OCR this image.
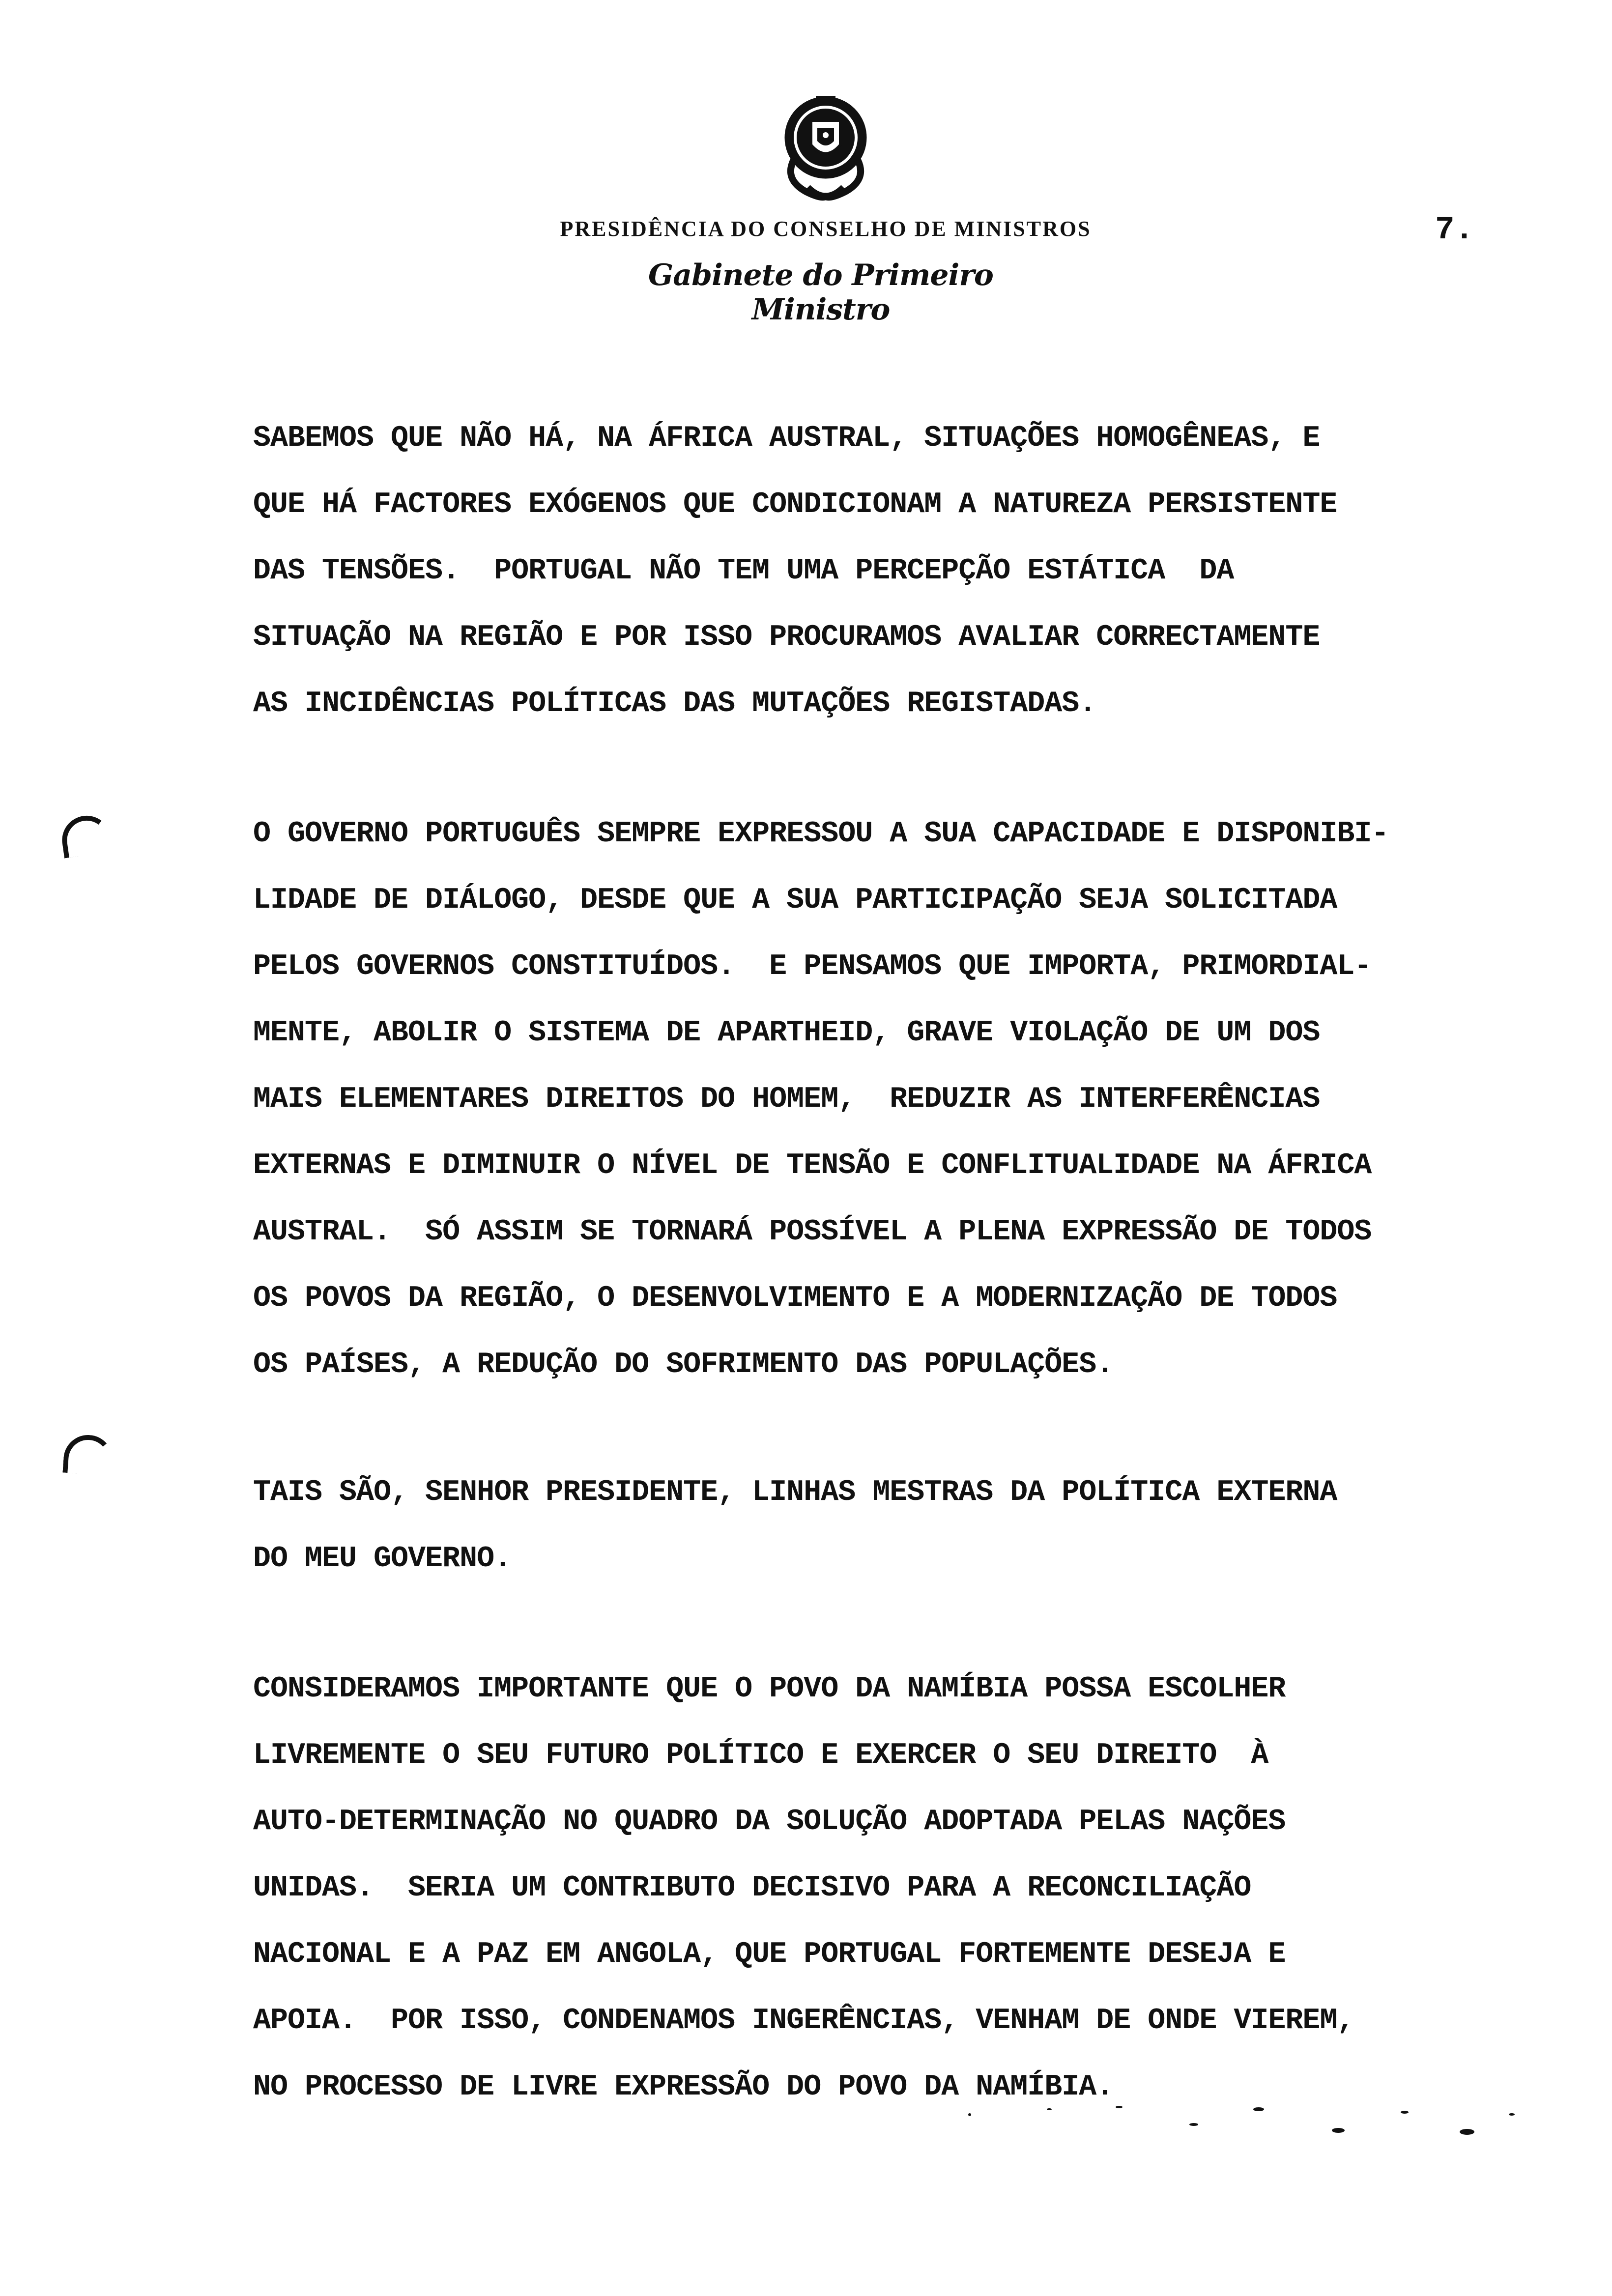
PRESIDÊNCIA DO CONSELHO DE MINISTROS	7.
Gabinete do Primeiro Ministro
SABEMOS QUE NÃO HÁ, NA ÁFRICA AUSTRAL, SITUAÇÕES HOMOGÊNEAS, E
QUE HÁ FACTORES EXÓGENOS QUE CONDICIONAM A NATUREZA PERSISTENTE
DAS TENSÕES.  PORTUGAL NÃO TEM UMA PERCEPÇÃO ESTÁTICA  DA
SITUAÇÃO NA REGIÃO E POR ISSO PROCURAMOS AVALIAR CORRECTAMENTE
AS INCIDÊNCIAS POLÍTICAS DAS MUTAÇÕES REGISTADAS.
O GOVERNO PORTUGUÊS SEMPRE EXPRESSOU A SUA CAPACIDADE E DISPONIBI-
LIDADE DE DIÁLOGO, DESDE QUE A SUA PARTICIPAÇÃO SEJA SOLICITADA
PELOS GOVERNOS CONSTITUÍDOS.  E PENSAMOS QUE IMPORTA, PRIMORDIAL-
MENTE, ABOLIR O SISTEMA DE APARTHEID, GRAVE VIOLAÇÃO DE UM DOS
MAIS ELEMENTARES DIREITOS DO HOMEM,  REDUZIR AS INTERFERÊNCIAS
EXTERNAS E DIMINUIR O NÍVEL DE TENSÃO E CONFLITUALIDADE NA ÁFRICA
AUSTRAL.  SÓ ASSIM SE TORNARÁ POSSÍVEL A PLENA EXPRESSÃO DE TODOS
OS POVOS DA REGIÃO, O DESENVOLVIMENTO E A MODERNIZAÇÃO DE TODOS
OS PAÍSES, A REDUÇÃO DO SOFRIMENTO DAS POPULAÇÕES.
TAIS SÃO, SENHOR PRESIDENTE, LINHAS MESTRAS DA POLÍTICA EXTERNA
DO MEU GOVERNO.
CONSIDERAMOS IMPORTANTE QUE O POVO DA NAMÍBIA POSSA ESCOLHER
LIVREMENTE O SEU FUTURO POLÍTICO E EXERCER O SEU DIREITO  À
AUTO-DETERMINAÇÃO NO QUADRO DA SOLUÇÃO ADOPTADA PELAS NAÇÕES
UNIDAS.  SERIA UM CONTRIBUTO DECISIVO PARA A RECONCILIAÇÃO
NACIONAL E A PAZ EM ANGOLA, QUE PORTUGAL FORTEMENTE DESEJA E
APOIA.  POR ISSO, CONDENAMOS INGERÊNCIAS, VENHAM DE ONDE VIEREM,
NO PROCESSO DE LIVRE EXPRESSÃO DO POVO DA NAMÍBIA.
